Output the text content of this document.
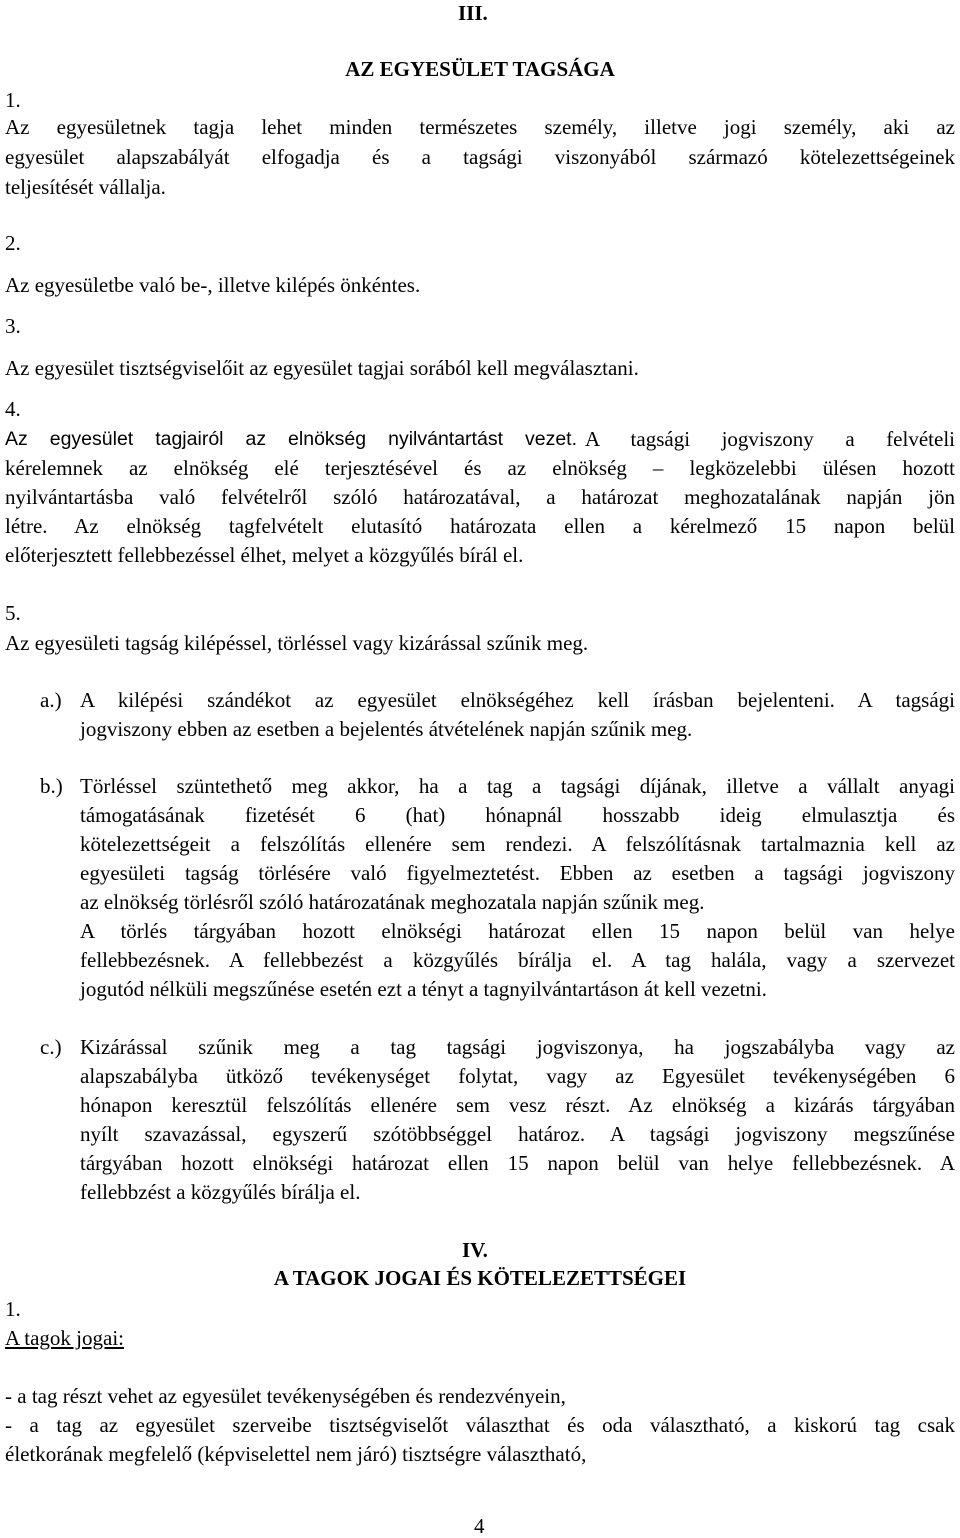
III.
AZ EGYESÜLET TAGSÁGA
1.
Az egyesületnek tagja lehet minden természetes személy, illetve jogi személy, aki az
egyesület alapszabályát elfogadja és a tagsági viszonyából származó kötelezettségeinek
teljesítését vállalja.
2.
Az egyesületbe való be-, illetve kilépés önkéntes.
3.
Az egyesület tisztségviselőit az egyesület tagjai sorából kell megválasztani.
4.
Az egyesület tagjairól az elnökség nyilvántartást vezet. A tagsági jogviszony a felvételi
kérelemnek az elnökség elé terjesztésével és az elnökség – legközelebbi ülésen hozott
nyilvántartásba való felvételről szóló határozatával, a határozat meghozatalának napján jön
létre. Az elnökség tagfelvételt elutasító határozata ellen a kérelmező 15 napon belül
előterjesztett fellebbezéssel élhet, melyet a közgyűlés bírál el.
5.
Az egyesületi tagság kilépéssel, törléssel vagy kizárással szűnik meg.
a.) A kilépési szándékot az egyesület elnökségéhez kell írásban bejelenteni. A tagsági
jogviszony ebben az esetben a bejelentés átvételének napján szűnik meg.
b.) Törléssel szüntethető meg akkor, ha a tag a tagsági díjának, illetve a vállalt anyagi
támogatásának fizetését 6 (hat) hónapnál hosszabb ideig elmulasztja és
kötelezettségeit a felszólítás ellenére sem rendezi. A felszólításnak tartalmaznia kell az
egyesületi tagság törlésére való figyelmeztetést. Ebben az esetben a tagsági jogviszony
az elnökség törlésről szóló határozatának meghozatala napján szűnik meg.
A törlés tárgyában hozott elnökségi határozat ellen 15 napon belül van helye
fellebbezésnek. A fellebbezést a közgyűlés bírálja el. A tag halála, vagy a szervezet
jogutód nélküli megszűnése esetén ezt a tényt a tagnyilvántartáson át kell vezetni.
c.) Kizárással szűnik meg a tag tagsági jogviszonya, ha jogszabályba vagy az
alapszabályba ütköző tevékenységet folytat, vagy az Egyesület tevékenységében 6
hónapon keresztül felszólítás ellenére sem vesz részt. Az elnökség a kizárás tárgyában
nyílt szavazással, egyszerű szótöbbséggel határoz. A tagsági jogviszony megszűnése
tárgyában hozott elnökségi határozat ellen 15 napon belül van helye fellebbezésnek. A
fellebbzést a közgyűlés bírálja el.
IV.
A TAGOK JOGAI ÉS KÖTELEZETTSÉGEI
1.
A tagok jogai:
- a tag részt vehet az egyesület tevékenységében és rendezvényein,
- a tag az egyesület szerveibe tisztségviselőt választhat és oda választható, a kiskorú tag csak
életkorának megfelelő (képviselettel nem járó) tisztségre választható,
4
